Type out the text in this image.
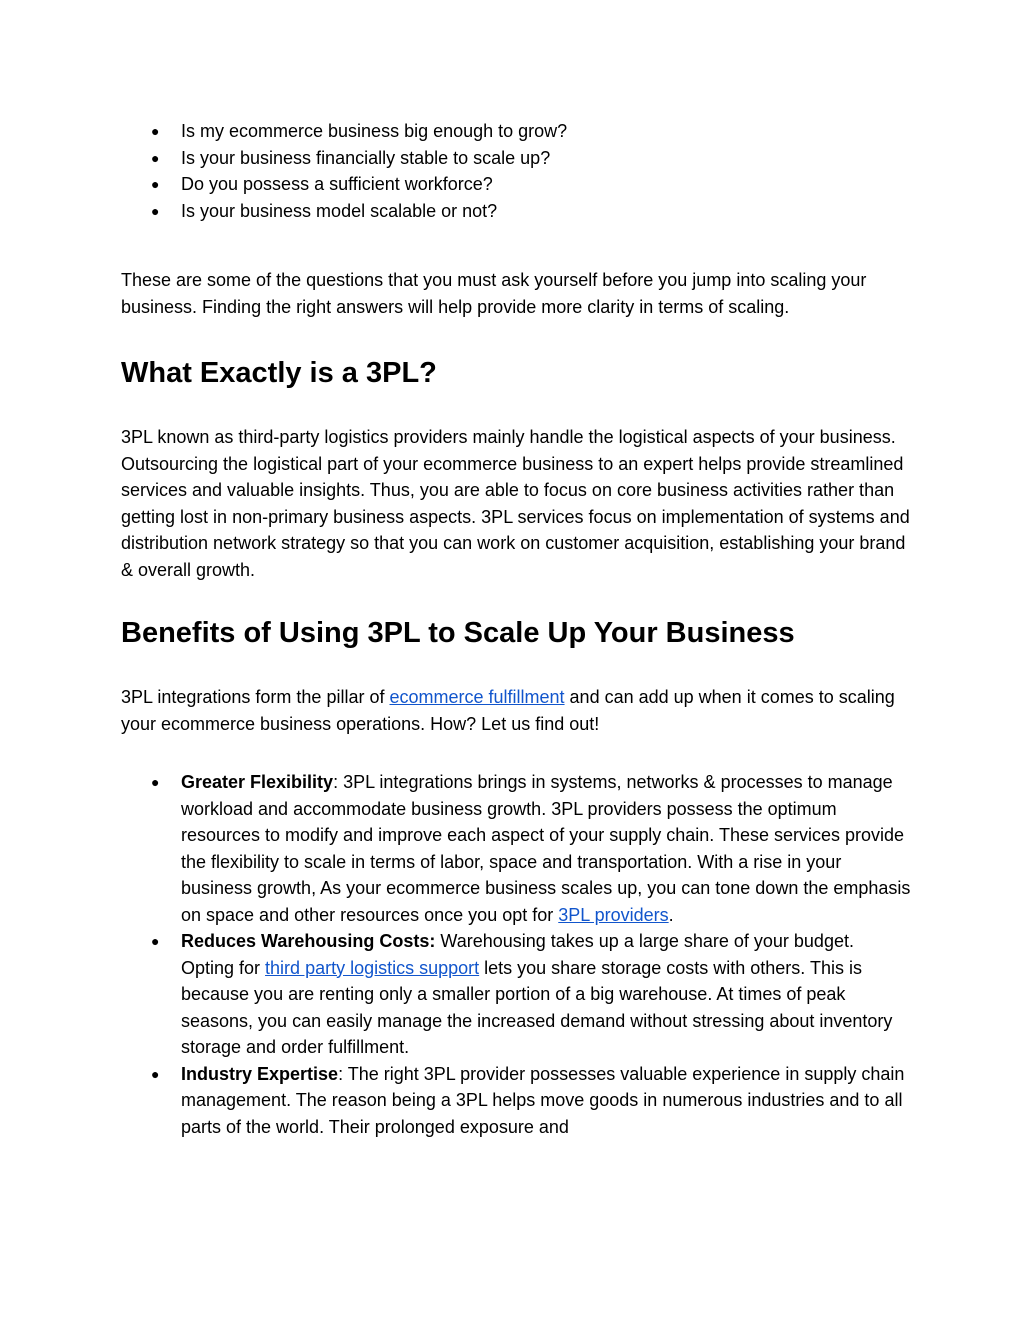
● Is my ecommerce business big enough to grow?
● Is your business financially stable to scale up?
● Do you possess a sufficient workforce?
● Is your business model scalable or not?

These are some of the questions that you must ask yourself before you jump into scaling your business. Finding the right answers will help provide more clarity in terms of scaling.

What Exactly is a 3PL?

3PL known as third-party logistics providers mainly handle the logistical aspects of your business. Outsourcing the logistical part of your ecommerce business to an expert helps provide streamlined services and valuable insights. Thus, you are able to focus on core business activities rather than getting lost in non-primary business aspects. 3PL services focus on implementation of systems and distribution network strategy so that you can work on customer acquisition, establishing your brand & overall growth.

Benefits of Using 3PL to Scale Up Your Business

3PL integrations form the pillar of ecommerce fulfillment and can add up when it comes to scaling your ecommerce business operations. How? Let us find out!

● Greater Flexibility: 3PL integrations brings in systems, networks & processes to manage workload and accommodate business growth. 3PL providers possess the optimum resources to modify and improve each aspect of your supply chain. These services provide the flexibility to scale in terms of labor, space and transportation. With a rise in your business growth, As your ecommerce business scales up, you can tone down the emphasis on space and other resources once you opt for 3PL providers.
● Reduces Warehousing Costs: Warehousing takes up a large share of your budget. Opting for third party logistics support lets you share storage costs with others. This is because you are renting only a smaller portion of a big warehouse. At times of peak seasons, you can easily manage the increased demand without stressing about inventory storage and order fulfillment.
● Industry Expertise: The right 3PL provider possesses valuable experience in supply chain management. The reason being a 3PL helps move goods in numerous industries and to all parts of the world. Their prolonged exposure and
